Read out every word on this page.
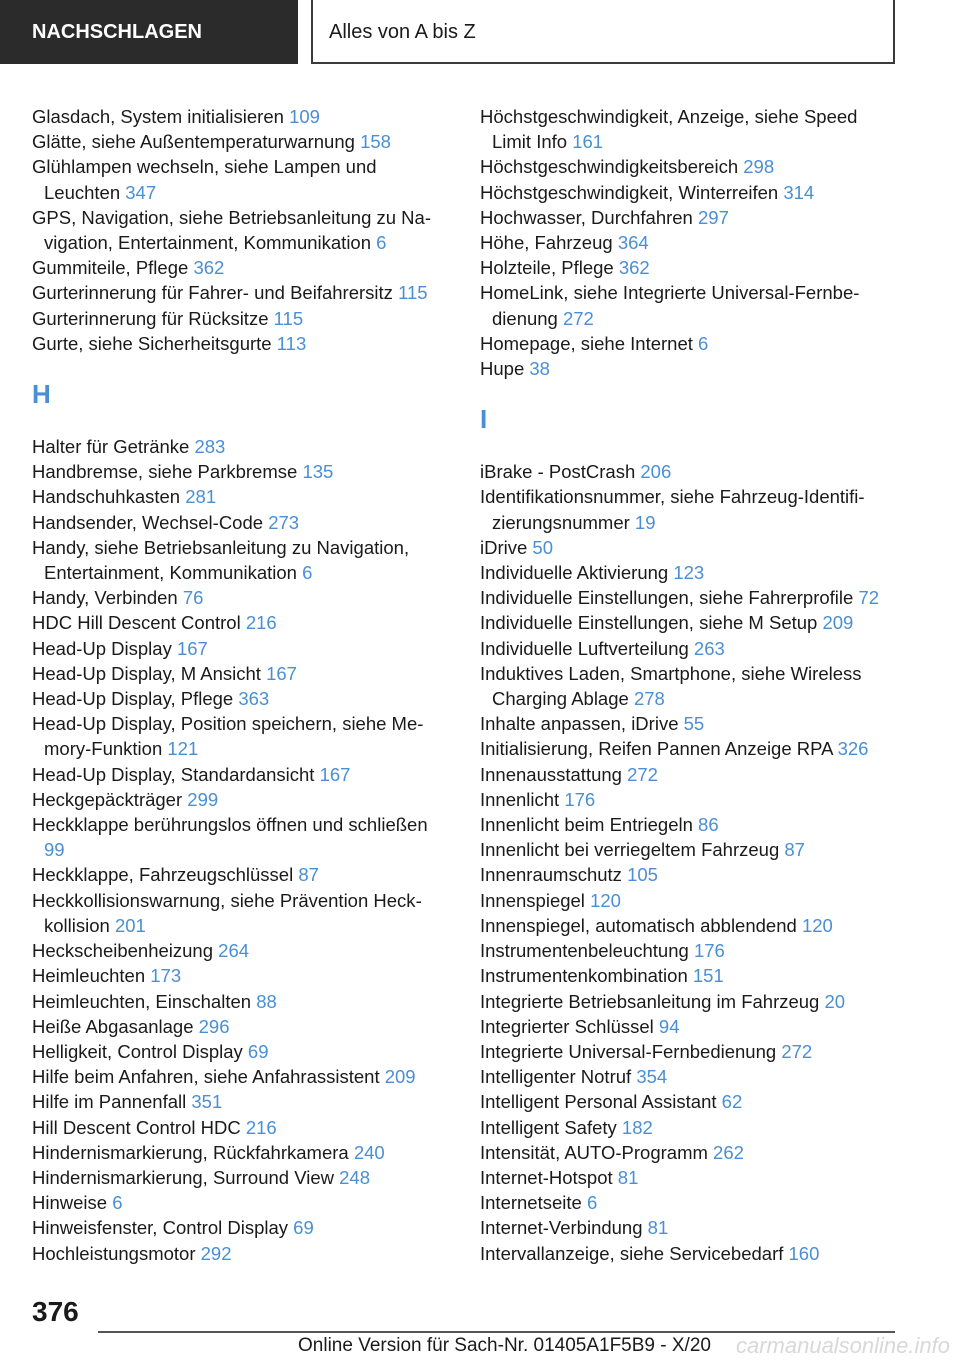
NACHSCHLAGEN	Alles von A bis Z
Glasdach, System initialisieren 109
Glätte, siehe Außentemperaturwarnung 158
Glühlampen wechseln, siehe Lampen und Leuchten 347
GPS, Navigation, siehe Betriebsanleitung zu Navigation, Entertainment, Kommunikation 6
Gummiteile, Pflege 362
Gurterinnerung für Fahrer- und Beifahrersitz 115
Gurterinnerung für Rücksitze 115
Gurte, siehe Sicherheitsgurte 113
H
Halter für Getränke 283
Handbremse, siehe Parkbremse 135
Handschuhkasten 281
Handsender, Wechsel-Code 273
Handy, siehe Betriebsanleitung zu Navigation, Entertainment, Kommunikation 6
Handy, Verbinden 76
HDC Hill Descent Control 216
Head-Up Display 167
Head-Up Display, M Ansicht 167
Head-Up Display, Pflege 363
Head-Up Display, Position speichern, siehe Memory-Funktion 121
Head-Up Display, Standardansicht 167
Heckgepäckträger 299
Heckklappe berührungslos öffnen und schließen 99
Heckklappe, Fahrzeugschlüssel 87
Heckkollisionswarnung, siehe Prävention Heckkollision 201
Heckscheibenheizung 264
Heimleuchten 173
Heimleuchten, Einschalten 88
Heiße Abgasanlage 296
Helligkeit, Control Display 69
Hilfe beim Anfahren, siehe Anfahrassistent 209
Hilfe im Pannenfall 351
Hill Descent Control HDC 216
Hindernismarkierung, Rückfahrkamera 240
Hindernismarkierung, Surround View 248
Hinweise 6
Hinweisfenster, Control Display 69
Hochleistungsmotor 292
Höchstgeschwindigkeit, Anzeige, siehe Speed Limit Info 161
Höchstgeschwindigkeitsbereich 298
Höchstgeschwindigkeit, Winterreifen 314
Hochwasser, Durchfahren 297
Höhe, Fahrzeug 364
Holzteile, Pflege 362
HomeLink, siehe Integrierte Universal-Fernbedienung 272
Homepage, siehe Internet 6
Hupe 38
I
iBrake - PostCrash 206
Identifikationsnummer, siehe Fahrzeug-Identifizierungsnummer 19
iDrive 50
Individuelle Aktivierung 123
Individuelle Einstellungen, siehe Fahrerprofile 72
Individuelle Einstellungen, siehe M Setup 209
Individuelle Luftverteilung 263
Induktives Laden, Smartphone, siehe Wireless Charging Ablage 278
Inhalte anpassen, iDrive 55
Initialisierung, Reifen Pannen Anzeige RPA 326
Innenausstattung 272
Innenlicht 176
Innenlicht beim Entriegeln 86
Innenlicht bei verriegeltem Fahrzeug 87
Innenraumschutz 105
Innenspiegel 120
Innenspiegel, automatisch abblendend 120
Instrumentenbeleuchtung 176
Instrumentenkombination 151
Integrierte Betriebsanleitung im Fahrzeug 20
Integrierter Schlüssel 94
Integrierte Universal-Fernbedienung 272
Intelligenter Notruf 354
Intelligent Personal Assistant 62
Intelligent Safety 182
Intensität, AUTO-Programm 262
Internet-Hotspot 81
Internetseite 6
Internet-Verbindung 81
Intervallanzeige, siehe Servicebedarf 160
376
Online Version für Sach-Nr. 01405A1F5B9 - X/20 carmanualsonline.info
